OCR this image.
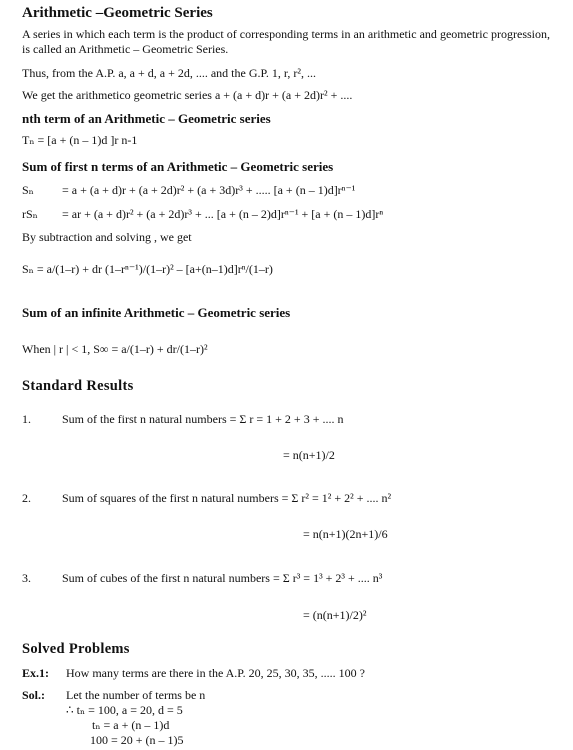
Arithmetic –Geometric Series
A series in which each term is the product of corresponding terms in an arithmetic and geometric progression, is called an Arithmetic – Geometric Series.
Thus, from the A.P. a, a + d, a + 2d, .... and the G.P. 1, r, r², ...
We get the arithmetico geometric series a + (a + d)r + (a + 2d)r² + ....
nth term of an Arithmetic – Geometric series
Tₙ = [a + (n – 1)d ]r n-1
Sum of first n terms of an Arithmetic – Geometric series
Sₙ = a + (a + d)r + (a + 2d)r² + (a + 3d)r³ + ..... [a + (n – 1)d]rⁿ⁻¹
rSₙ = ar + (a + d)r² + (a + 2d)r³ + ... [a + (n – 2)d]rⁿ⁻¹ + [a + (n – 1)d]rⁿ
By subtraction and solving , we get
Sₙ = a/(1–r) + dr (1–rⁿ⁻¹)/(1–r)² – [a+(n–1)d]rⁿ/(1–r)
Sum of an infinite Arithmetic – Geometric series
When | r | < 1, S∞ = a/(1–r) + dr/(1–r)²
Standard Results
1.	Sum of the first n natural numbers = Σ r = 1 + 2 + 3 + .... n
= n(n+1)/2
2.	Sum of squares of the first n natural numbers = Σ r² = 1² + 2² + .... n²
= n(n+1)(2n+1)/6
3.	Sum of cubes of the first n natural numbers = Σ r³ = 1³ + 2³ + .... n³
= (n(n+1)/2)²
Solved Problems
Ex.1: How many terms are there in the A.P. 20, 25, 30, 35, ..... 100 ?
Sol.: Let the number of terms be n
∴ tₙ = 100, a = 20, d = 5
tₙ = a + (n – 1)d
100 = 20 + (n – 1)5
